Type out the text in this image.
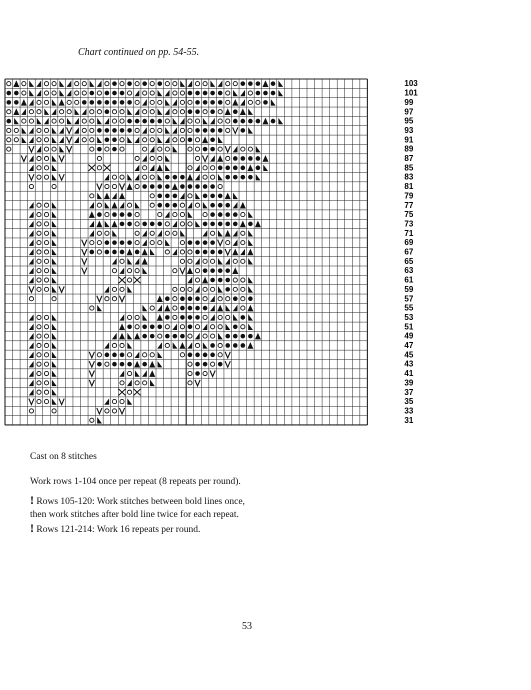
Chart continued on pp. 54-55.
103
101
99
97
95
93
91
89
87
85
83
81
79
77
75
73
71
69
67
65
63
61
59
57
55
53
51
49
47
45
43
41
39
37
35
33
31
Cast on 8 stitches
Work rows 1-104 once per repeat (8 repeats per round).
! Rows 105-120: Work stitches between bold lines once,
then work stitches after bold line twice for each repeat.
! Rows 121-214: Work 16 repeats per round.
53
